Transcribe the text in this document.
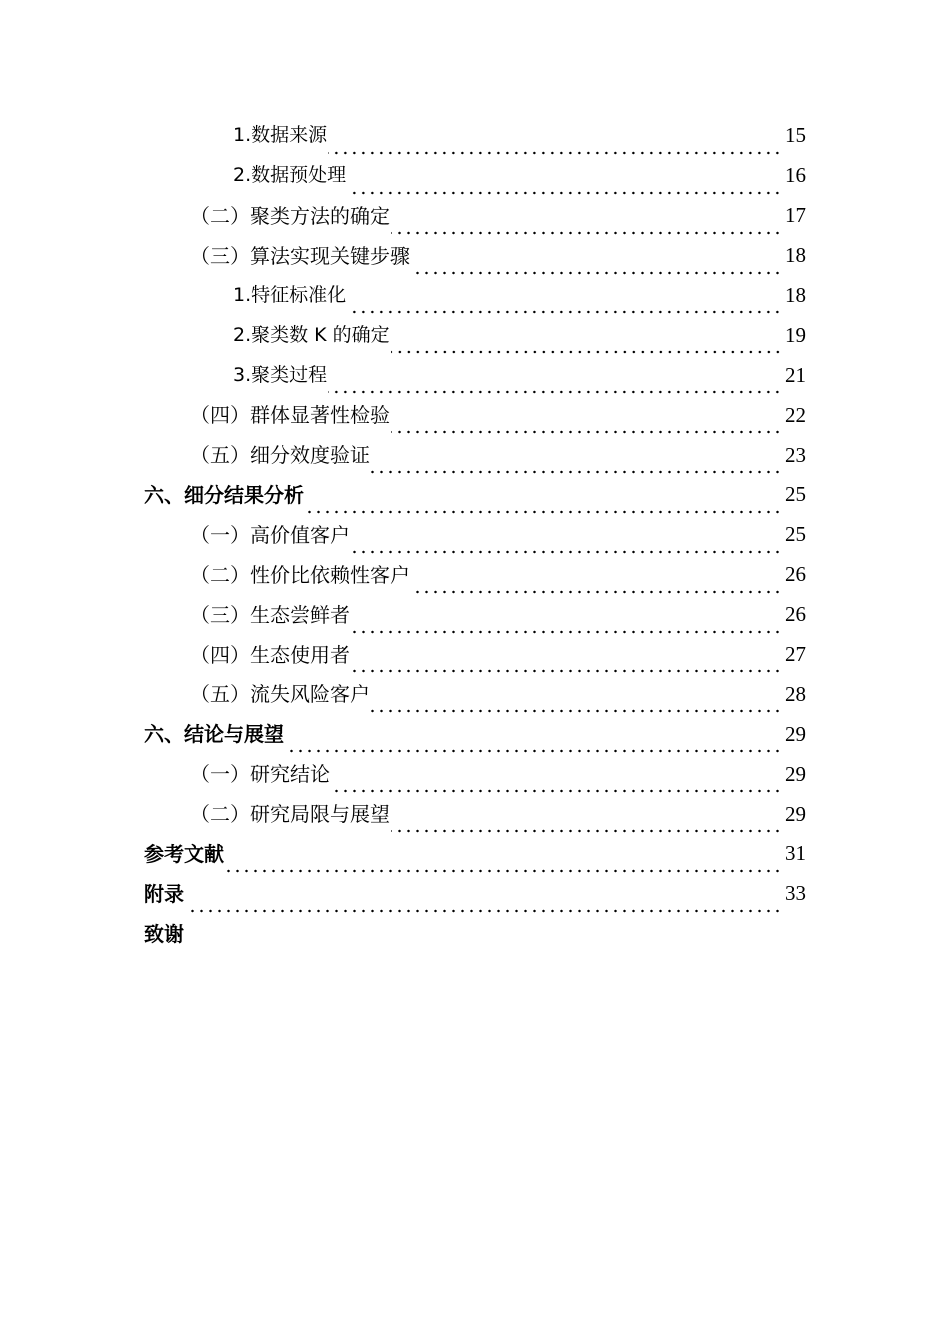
1.数据来源	15
2.数据预处理	16
（二）聚类方法的确定	17
（三）算法实现关键步骤	18
1.特征标准化	18
2.聚类数 K 的确定	19
3.聚类过程	21
（四）群体显著性检验	22
（五）细分效度验证	23
六、细分结果分析	25
（一）高价值客户	25
（二）性价比依赖性客户	26
（三）生态尝鲜者	26
（四）生态使用者	27
（五）流失风险客户	28
六、结论与展望	29
（一）研究结论	29
（二）研究局限与展望	29
参考文献	31
附录	33
致谢
